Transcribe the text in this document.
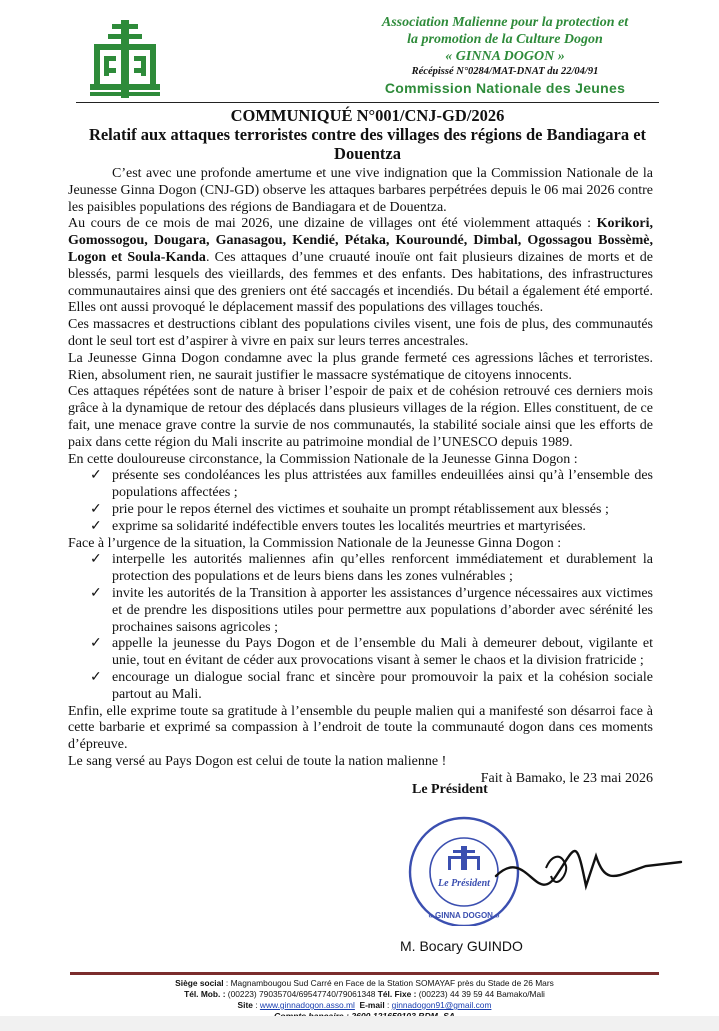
Association Malienne pour la protection et

la promotion de la Culture Dogon

« GINNA DOGON »

Récépissé N°0284/MAT-DNAT du 22/04/91

Commission Nationale des Jeunes

COMMUNIQUÉ N°001/CNJ-GD/2026

Relatif aux attaques terroristes contre des villages des régions de Bandiagara et Douentza

C’est avec une profonde amertume et une vive indignation que la Commission Nationale de la Jeunesse Ginna Dogon (CNJ-GD) observe les attaques barbares perpétrées depuis le 06 mai 2026 contre les paisibles populations des régions de Bandiagara et de Douentza.

Au cours de ce mois de mai 2026, une dizaine de villages ont été violemment attaqués : Korikori, Gomossogou, Dougara, Ganasagou, Kendié, Pétaka, Kouroundé, Dimbal, Ogossagou Bossèmè, Logon et Soula-Kanda. Ces attaques d’une cruauté inouïe ont fait plusieurs dizaines de morts et de blessés, parmi lesquels des vieillards, des femmes et des enfants. Des habitations, des infrastructures communautaires ainsi que des greniers ont été saccagés et incendiés. Du bétail a également été emporté. Elles ont aussi provoqué le déplacement massif des populations des villages touchés.

Ces massacres et destructions ciblant des populations civiles visent, une fois de plus, des communautés dont le seul tort est d’aspirer à vivre en paix sur leurs terres ancestrales.

La Jeunesse Ginna Dogon condamne avec la plus grande fermeté ces agressions lâches et terroristes. Rien, absolument rien, ne saurait justifier le massacre systématique de citoyens innocents.

Ces attaques répétées sont de nature à briser l’espoir de paix et de cohésion retrouvé ces derniers mois grâce à la dynamique de retour des déplacés dans plusieurs villages de la région. Elles constituent, de ce fait, une menace grave contre la survie de nos communautés, la stabilité sociale ainsi que les efforts de paix dans cette région du Mali inscrite au patrimoine mondial de l’UNESCO depuis 1989.

En cette douloureuse circonstance, la Commission Nationale de la Jeunesse Ginna Dogon :

✓ présente ses condoléances les plus attristées aux familles endeuillées ainsi qu’à l’ensemble des populations affectées ;
✓ prie pour le repos éternel des victimes et souhaite un prompt rétablissement aux blessés ;
✓ exprime sa solidarité indéfectible envers toutes les localités meurtries et martyrisées.

Face à l’urgence de la situation, la Commission Nationale de la Jeunesse Ginna Dogon :

✓ interpelle les autorités maliennes afin qu’elles renforcent immédiatement et durablement la protection des populations et de leurs biens dans les zones vulnérables ;
✓ invite les autorités de la Transition à apporter les assistances d’urgence nécessaires aux victimes et de prendre les dispositions utiles pour permettre aux populations d’aborder avec sérénité les prochaines saisons agricoles ;
✓ appelle la jeunesse du Pays Dogon et de l’ensemble du Mali à demeurer debout, vigilante et unie, tout en évitant de céder aux provocations visant à semer le chaos et la division fratricide ;
✓ encourage un dialogue social franc et sincère pour promouvoir la paix et la cohésion sociale partout au Mali.

Enfin, elle exprime toute sa gratitude à l’ensemble du peuple malien qui a manifesté son désarroi face à cette barbarie et exprimé sa compassion à l’endroit de toute la communauté dogon dans ces moments d’épreuve.

Le sang versé au Pays Dogon est celui de toute la nation malienne !

Fait à Bamako, le 23 mai 2026

Le Président
Le Président
« GINNA DOGON »
M. Bocary GUINDO

Siège social : Magnambougou Sud Carré en Face de la Station SOMAYAF près du Stade de 26 Mars

Tél. Mob. : (00223) 79035704/69547740/79061348 Tél. Fixe : (00223) 44 39 59 44 Bamako/Mali

Site : www.ginnadogon.asso.ml E-mail : ginnadogon91@gmail.com
